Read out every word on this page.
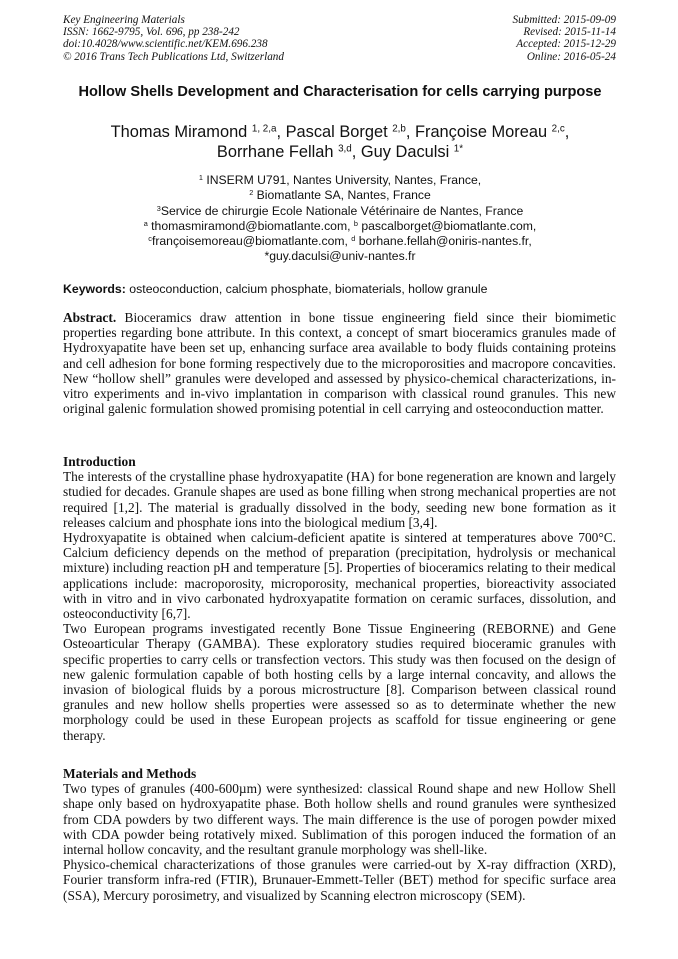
Key Engineering Materials
ISSN: 1662-9795, Vol. 696, pp 238-242
doi:10.4028/www.scientific.net/KEM.696.238
© 2016 Trans Tech Publications Ltd, Switzerland
Submitted: 2015-09-09
Revised: 2015-11-14
Accepted: 2015-12-29
Online: 2016-05-24
Hollow Shells Development and Characterisation for cells carrying purpose
Thomas Miramond $^{1, 2,a}$, Pascal Borget $^{2,b}$, Françoise Moreau $^{2,c}$,
Borrhane Fellah $^{3,d}$, Guy Daculsi $^{1*}$
$^1$ INSERM U791, Nantes University, Nantes, France,
$^2$ Biomatlante SA, Nantes, France
$^3$Service de chirurgie Ecole Nationale Vétérinaire de Nantes, France
$^a$ thomasmiramond@biomatlante.com, $^b$ pascalborget@biomatlante.com,
$^c$françoisemoreau@biomatlante.com, $^d$ borhane.fellah@oniris-nantes.fr,
*guy.daculsi@univ-nantes.fr
Keywords: osteoconduction, calcium phosphate, biomaterials, hollow granule

Abstract. Bioceramics draw attention in bone tissue engineering field since their biomimetic properties regarding bone attribute. In this context, a concept of smart bioceramics granules made of Hydroxyapatite have been set up, enhancing surface area available to body fluids containing proteins and cell adhesion for bone forming respectively due to the microporosities and macropore concavities. New “hollow shell” granules were developed and assessed by physico-chemical characterizations, in-vitro experiments and in-vivo implantation in comparison with classical round granules. This new original galenic formulation showed promising potential in cell carrying and osteoconduction matter.

Introduction

The interests of the crystalline phase hydroxyapatite (HA) for bone regeneration are known and largely studied for decades. Granule shapes are used as bone filling when strong mechanical properties are not required [1,2]. The material is gradually dissolved in the body, seeding new bone formation as it releases calcium and phosphate ions into the biological medium [3,4].

Hydroxyapatite is obtained when calcium-deficient apatite is sintered at temperatures above 700°C. Calcium deficiency depends on the method of preparation (precipitation, hydrolysis or mechanical mixture) including reaction pH and temperature [5]. Properties of bioceramics relating to their medical applications include: macroporosity, microporosity, mechanical properties, bioreactivity associated with in vitro and in vivo carbonated hydroxyapatite formation on ceramic surfaces, dissolution, and osteoconductivity [6,7].

Two European programs investigated recently Bone Tissue Engineering (REBORNE) and Gene Osteoarticular Therapy (GAMBA). These exploratory studies required bioceramic granules with specific properties to carry cells or transfection vectors. This study was then focused on the design of new galenic formulation capable of both hosting cells by a large internal concavity, and allows the invasion of biological fluids by a porous microstructure [8]. Comparison between classical round granules and new hollow shells properties were assessed so as to determinate whether the new morphology could be used in these European projects as scaffold for tissue engineering or gene therapy.

Materials and Methods

Two types of granules (400-600µm) were synthesized: classical Round shape and new Hollow Shell shape only based on hydroxyapatite phase. Both hollow shells and round granules were synthesized from CDA powders by two different ways. The main difference is the use of porogen powder mixed with CDA powder being rotatively mixed. Sublimation of this porogen induced the formation of an internal hollow concavity, and the resultant granule morphology was shell-like.

Physico-chemical characterizations of those granules were carried-out by X-ray diffraction (XRD), Fourier transform infra-red (FTIR), Brunauer-Emmett-Teller (BET) method for specific surface area (SSA), Mercury porosimetry, and visualized by Scanning electron microscopy (SEM).
